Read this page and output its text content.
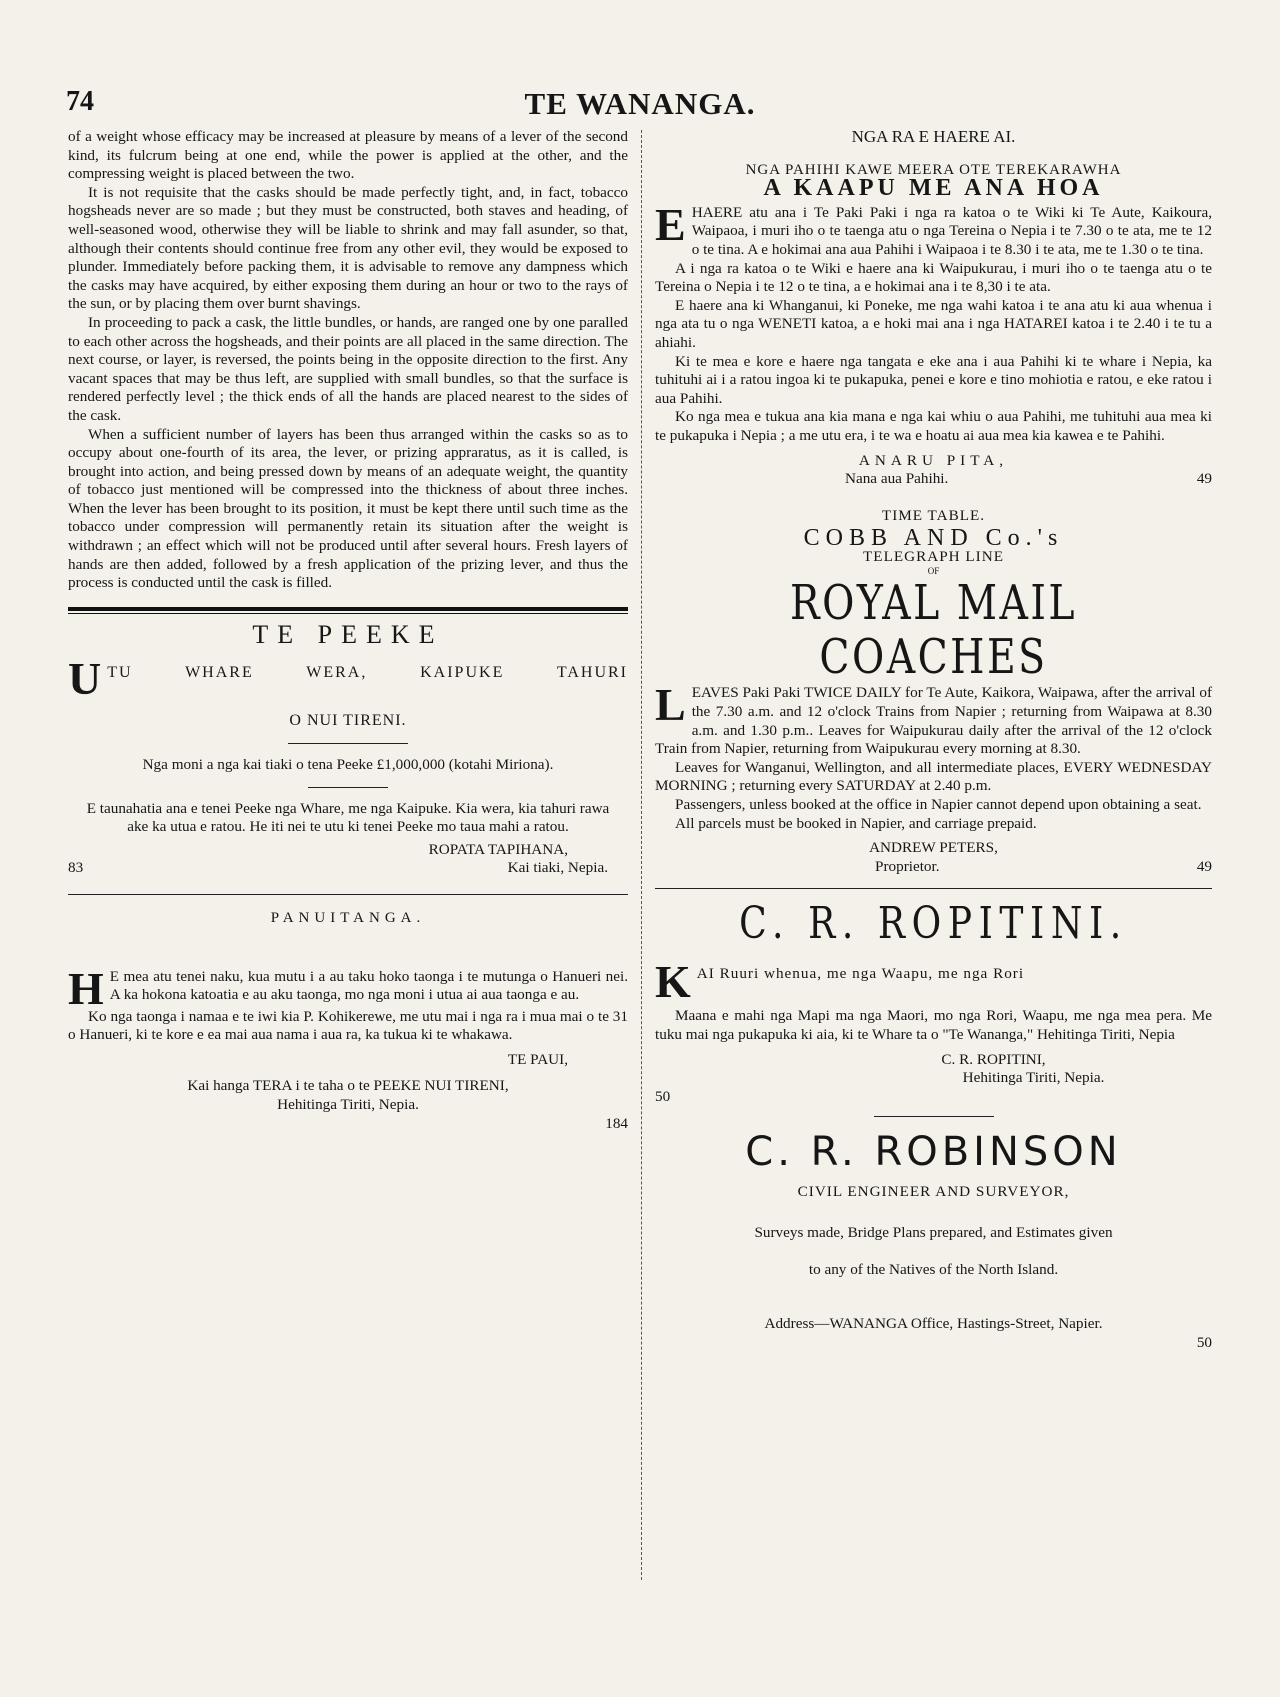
74	TE WANANGA.

of a weight whose efficacy may be increased at pleasure by means of a lever of the second kind, its fulcrum being at one end, while the power is applied at the other, and the compressing weight is placed between the two.

It is not requisite that the casks should be made perfectly tight, and, in fact, tobacco hogsheads never are so made ; but they must be constructed, both staves and heading, of well-seasoned wood, otherwise they will be liable to shrink and may fall asunder, so that, although their contents should continue free from any other evil, they would be exposed to plunder. Immediately before packing them, it is advisable to remove any dampness which the casks may have acquired, by either exposing them during an hour or two to the rays of the sun, or by placing them over burnt shavings.

In proceeding to pack a cask, the little bundles, or hands, are ranged one by one paralled to each other across the hogsheads, and their points are all placed in the same direction. The next course, or layer, is reversed, the points being in the opposite direction to the first. Any vacant spaces that may be thus left, are supplied with small bundles, so that the surface is rendered perfectly level ; the thick ends of all the hands are placed nearest to the sides of the cask.

When a sufficient number of layers has been thus arranged within the casks so as to occupy about one-fourth of its area, the lever, or prizing appraratus, as it is called, is brought into action, and being pressed down by means of an adequate weight, the quantity of tobacco just mentioned will be compressed into the thickness of about three inches. When the lever has been brought to its position, it must be kept there until such time as the tobacco under compression will permanently retain its situation after the weight is withdrawn ; an effect which will not be produced until after several hours. Fresh layers of hands are then added, followed by a fresh application of the prizing lever, and thus the process is conducted until the cask is filled.

TE PEEKE
U TU WHARE WERA, KAIPUKE TAHURI
O NUI TIRENI.

Nga moni a nga kai tiaki o tena Peeke £1,000,000 (kotahi Miriona).

E taunahatia ana e tenei Peeke nga Whare, me nga Kaipuke. Kia wera, kia tahuri rawa ake ka utua e ratou. He iti nei te utu ki tenei Peeke mo taua mahi a ratou.

ROPATA TAPIHANA,
83	Kai tiaki, Nepia.
PANUITANGA.
H E mea atu tenei naku, kua mutu i a au taku hoko taonga i te mutunga o Hanueri nei. A ka hokona katoatia e au aku taonga, mo nga moni i utua ai aua taonga e au.

Ko nga taonga i namaa e te iwi kia P. Kohikerewe, me utu mai i nga ra i mua mai o te 31 o Hanueri, ki te kore e ea mai aua nama i aua ra, ka tukua ki te whakawa.

TE PAUI,
Kai hanga TERA i te taha o te PEEKE NUI TIRENI,
Hehitinga Tiriti, Nepia.
184
NGA RA E HAERE AI.
NGA PAHIHI KAWE MEERA OTE TEREKARAWHA
A KAAPU ME ANA HOA
E HAERE atu ana i Te Paki Paki i nga ra katoa o te Wiki ki Te Aute, Kaikoura, Waipaoa, i muri iho o te taenga atu o nga Tereina o Nepia i te 7.30 o te ata, me te 12 o te tina. A e hokimai ana aua Pahihi i Waipaoa i te 8.30 i te ata, me te 1.30 o te tina.

A i nga ra katoa o te Wiki e haere ana ki Waipukurau, i muri iho o te taenga atu o te Tereina o Nepia i te 12 o te tina, a e hokimai ana i te 8,30 i te ata.

E haere ana ki Whanganui, ki Poneke, me nga wahi katoa i te ana atu ki aua whenua i nga ata tu o nga WENETI katoa, a e hoki mai ana i nga HATAREI katoa i te 2.40 i te tu a ahiahi.

Ki te mea e kore e haere nga tangata e eke ana i aua Pahihi ki te whare i Nepia, ka tuhituhi ai i a ratou ingoa ki te pukapuka, penei e kore e tino mohiotia e ratou, e eke ratou i aua Pahihi.

Ko nga mea e tukua ana kia mana e nga kai whiu o aua Pahihi, me tuhituhi aua mea ki te pukapuka i Nepia ; a me utu era, i te wa e hoatu ai aua mea kia kawea e te Pahihi.

ANARU PITA,
Nana aua Pahihi.	49
TIME TABLE.
COBB AND Co.'s
TELEGRAPH LINE
OF
ROYAL MAIL COACHES
L EAVES Paki Paki TWICE DAILY for Te Aute, Kaikora, Waipawa, after the arrival of the 7.30 a.m. and 12 o'clock Trains from Napier ; returning from Waipawa at 8.30 a.m. and 1.30 p.m.. Leaves for Waipukurau daily after the arrival of the 12 o'clock Train from Napier, returning from Waipukurau every morning at 8.30.

Leaves for Wanganui, Wellington, and all intermediate places, EVERY WEDNESDAY MORNING ; returning every SATURDAY at 2.40 p.m.

Passengers, unless booked at the office in Napier cannot depend upon obtaining a seat.

All parcels must be booked in Napier, and carriage prepaid.

ANDREW PETERS,
Proprietor.	49
C. R. ROPITINI.
K AI Ruuri whenua, me nga Waapu, me nga Rori

Maana e mahi nga Mapi ma nga Maori, mo nga Rori, Waapu, me nga mea pera. Me tuku mai nga pukapuka ki aia, ki te Whare ta o "Te Wananga," Hehitinga Tiriti, Nepia

C. R. ROPITINI,
Hehitinga Tiriti, Nepia.
50
C. R. ROBINSON
CIVIL ENGINEER AND SURVEYOR,
Surveys made, Bridge Plans prepared, and Estimates given
to any of the Natives of the North Island.
Address—WANANGA Office, Hastings-Street, Napier.
50
